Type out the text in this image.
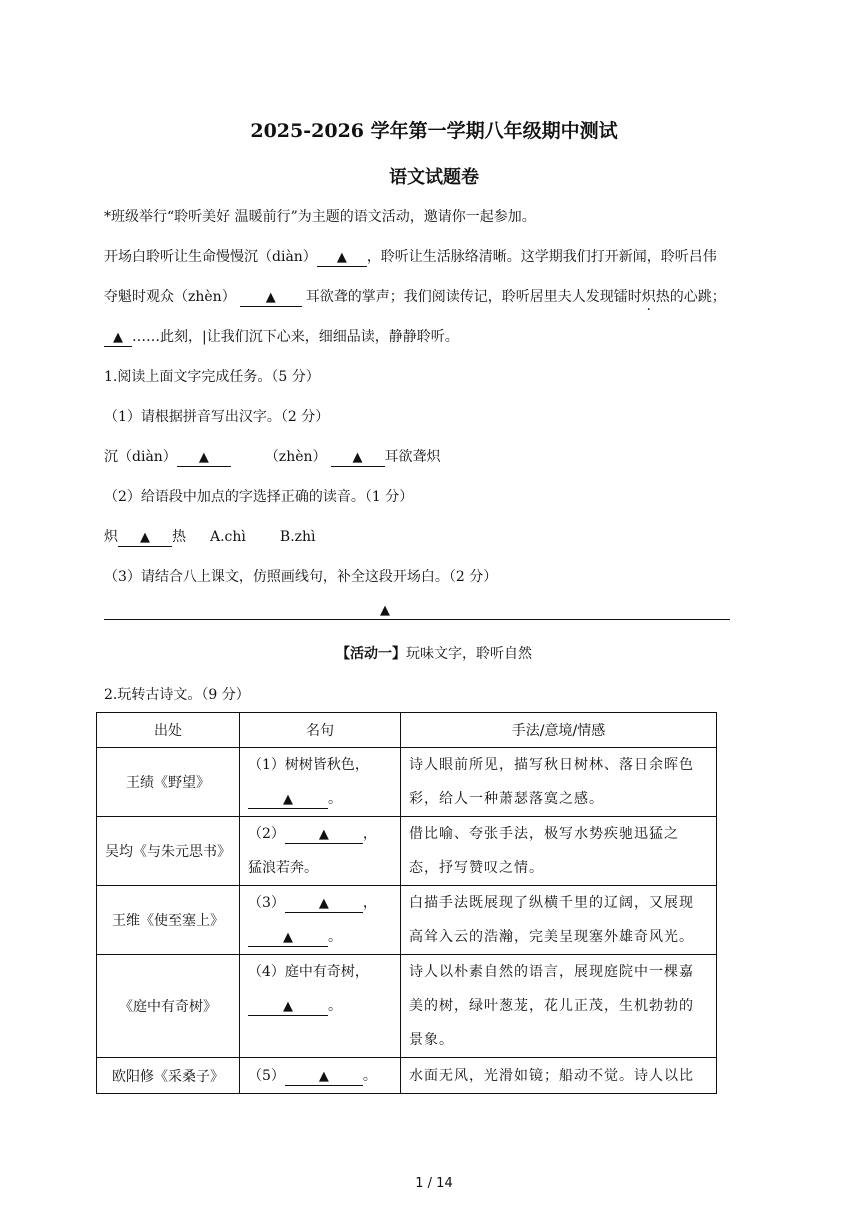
2025-2026 学年第一学期八年级期中测试
语文试题卷
*班级举行“聆听美好 温暖前行”为主题的语文活动，邀请你一起参加。
开场白聆听让生命慢慢沉（diàn） ▲ ，聆听让生活脉络清晰。这学期我们打开新闻，聆听吕伟
夺魁时观众（zhèn） ▲ 耳欲聋的掌声；我们阅读传记，聆听居里夫人发现镭时炽热的心跳；
▲ ……此刻，|让我们沉下心来，细细品读，静静聆听。
1.阅读上面文字完成任务。（5 分）
（1）请根据拼音写出汉字。（2 分）
沉（diàn） ▲	（zhèn） ▲ 耳欲聋炽
（2）给语段中加点的字选择正确的读音。（1 分）
炽 ▲ 热 A.chì B.zhì
（3）请结合八上课文，仿照画线句，补全这段开场白。（2 分）
▲
【活动一】玩味文字，聆听自然
2.玩转古诗文。（9 分）
出处	名句	手法/意境/情感
王绩《野望》	（1）树树皆秋色，
▲ 。	诗人眼前所见，描写秋日树林、落日余晖色彩，给人一种萧瑟落寞之感。
吴均《与朱元思书》	（2） ▲ ，
猛浪若奔。	借比喻、夸张手法，极写水势疾驰迅猛之态，抒写赞叹之情。
王维《使至塞上》	（3） ▲ ，
▲ 。	白描手法既展现了纵横千里的辽阔，又展现高耸入云的浩瀚，完美呈现塞外雄奇风光。
《庭中有奇树》	（4）庭中有奇树，
▲ 。	诗人以朴素自然的语言，展现庭院中一棵嘉美的树，绿叶葱茏，花儿正茂，生机勃勃的景象。
欧阳修《采桑子》	（5） ▲ 。	水面无风，光滑如镜；船动不觉。诗人以比
1 / 14
